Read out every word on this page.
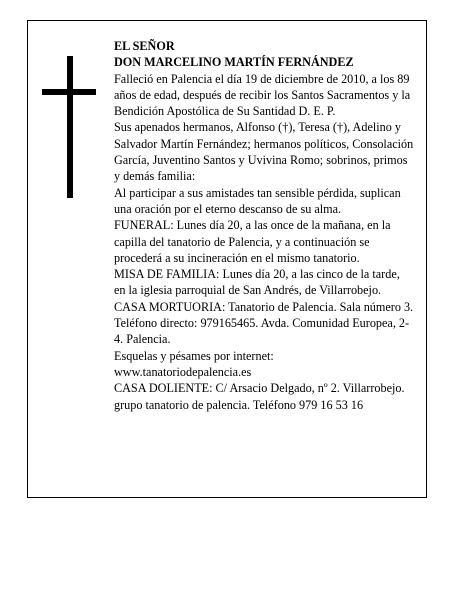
EL SEÑOR
DON MARCELINO MARTÍN FERNÁNDEZ
Falleció en Palencia el día 19 de diciembre de 2010, a los 89 años de edad, después de recibir los Santos Sacramentos y la Bendición Apostólica de Su Santidad D. E. P.
Sus apenados hermanos, Alfonso (†), Teresa (†), Adelino y Salvador Martín Fernández; hermanos políticos, Consolación García, Juventino Santos y Uvivina Romo; sobrinos, primos y demás familia:
Al participar a sus amistades tan sensible pérdida, suplican una oración por el eterno descanso de su alma.
FUNERAL: Lunes día 20, a las once de la mañana, en la capilla del tanatorio de Palencia, y a continuación se procederá a su incineración en el mismo tanatorio.
MISA DE FAMILIA: Lunes día 20, a las cinco de la tarde, en la iglesia parroquial de San Andrés, de Villarrobejo.
CASA MORTUORIA: Tanatorio de Palencia. Sala número 3. Teléfono directo: 979165465. Avda. Comunidad Europea, 2-4. Palencia.
Esquelas y pésames por internet: www.tanatoriodepalencia.es
CASA DOLIENTE: C/ Arsacio Delgado, nº 2. Villarrobejo.
grupo tanatorio de palencia. Teléfono 979 16 53 16
